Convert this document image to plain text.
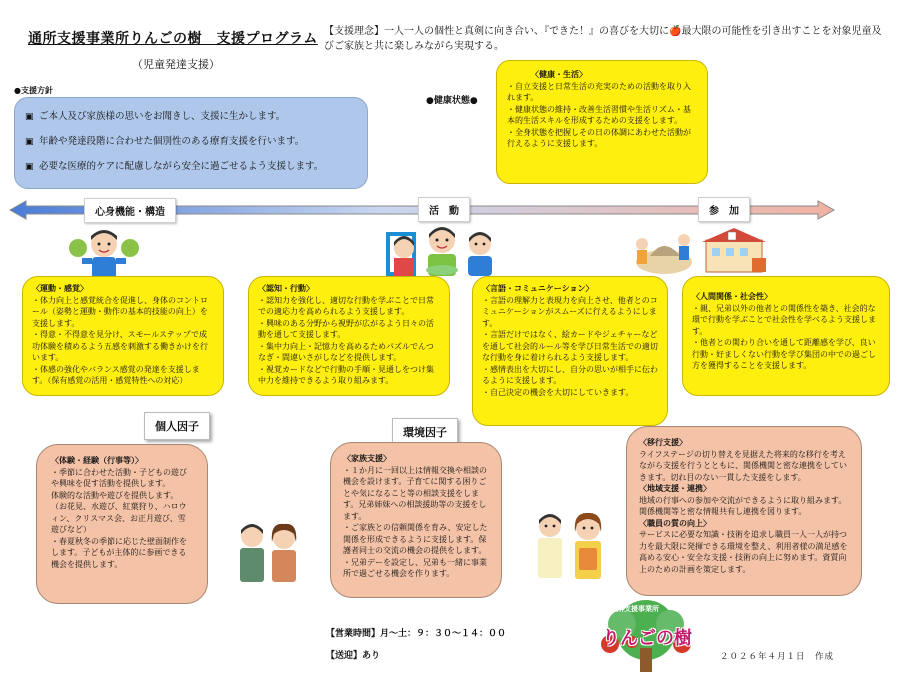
通所支援事業所りんごの樹　支援プログラム
（児童発達支援）
【支援理念】一人一人の個性と真剣に向き合い、『できた！』の喜びを大切に🍎最大限の可能性を引き出すことを対象児童及びご家族と共に楽しみながら実現する。
●支援方針
▣ ご本人及び家族様の思いをお聞きし、支援に生かします。
▣ 年齢や発達段階に合わせた個別性のある療育支援を行います。
▣ 必要な医療的ケアに配慮しながら安全に過ごせるよう支援します。
●健康状態●

〈健康・生活〉

・自立支援と日常生活の充実のための活動を取り入れます。

・健康状態の維持・改善生活習慣や生活リズム・基本的生活スキルを形成するための支援をします。

・全身状態を把握しその日の体調にあわせた活動が行えるように支援します。

心身機能・構造	活　動	参　加

〈運動・感覚〉

・体力向上と感覚統合を促進し、身体のコントロール（姿勢と運動・動作の基本的技能の向上）を支援します。

・得意・不得意を見分け、スモールステップで成功体験を積めるよう五感を刺激する働きかけを行います。

・体感の強化やバランス感覚の発達を支援します。（保有感覚の活用・感覚特性への対応）

〈認知・行動〉

・認知力を強化し、適切な行動を学ぶことで日常での適応力を高められるよう支援します。

・興味のある分野から視野が広がるよう日々の活動を通して支援します。

・集中力向上・記憶力を高めるためパズルでんつなぎ・間違いさがしなどを提供します。

・視覚カードなどで行動の手順・見通しをつけ集中力を維持できるよう取り組みます。

〈言語・コミュニケーション〉

・言語の理解力と表現力を向上させ、他者とのコミュニケーションがスムーズに行えるようにします。

・言語だけではなく、絵カードやジェチャーなどを通して社会的ルール等を学び日常生活での適切な行動を身に着けられるよう支援します。

・感情表出を大切にし、自分の思いが相手に伝わるように支援します。

・自己決定の機会を大切にしていきます。

〈人間関係・社会性〉

・親、兄弟以外の他者との関係性を築き、社会的な環で行動を学ぶことで社会性を学べるよう支援します。

・他者との関わり合いを通して距離感を学び、良い行動・好ましくない行動を学び集団の中での過ごし方を獲得することを支援します。

個人因子	環境因子

〈体験・経験（行事等）〉

・季節に合わせた活動・子どもの遊びや興味を促す活動を提供します。

体験的な活動や遊びを提供します。

（お花見、水遊び、紅葉狩り、ハロウィン、クリスマス会、お正月遊び、雪遊びなど）

・春夏秋冬の季節に応じた壁面制作をします。子どもが主体的に参画できる機会を提供します。

〈家族支援〉

・１か月に一回以上は情報交換や相談の機会を設けます。子育てに関する困りごとや気になること等の相談支援をします。兄弟姉妹への相談援助等の支援をします。

・ご家族との信頼関係を育み、安定した関係を形成できるように支援します。保護者同士の交流の機会の提供をします。

・兄弟デーを設定し、兄弟も一緒に事業所で過ごせる機会を作ります。

〈移行支援〉

ライフステージの切り替えを見据えた将来的な移行を考えながら支援を行うとともに、関係機関と密な連携をしていきます。切れ目のない一貫した支援をします。

〈地域支援・連携〉

地域の行事への参加や交流ができるように取り組みます。関係機関等と密な情報共有し連携を図ります。

〈職員の質の向上〉

サービスに必要な知識・技術を追求し職員一人一人が持つ力を最大限に発揮できる環境を整え、利用者様の満足感を高める安心・安全な支援・技術の向上に努めます。資質向上のための計画を策定します。

【営業時間】月～土：９：３０～１４：００
【送迎】あり	２０２６年４月１日　作成
通所支援事業所
りんごの樹
